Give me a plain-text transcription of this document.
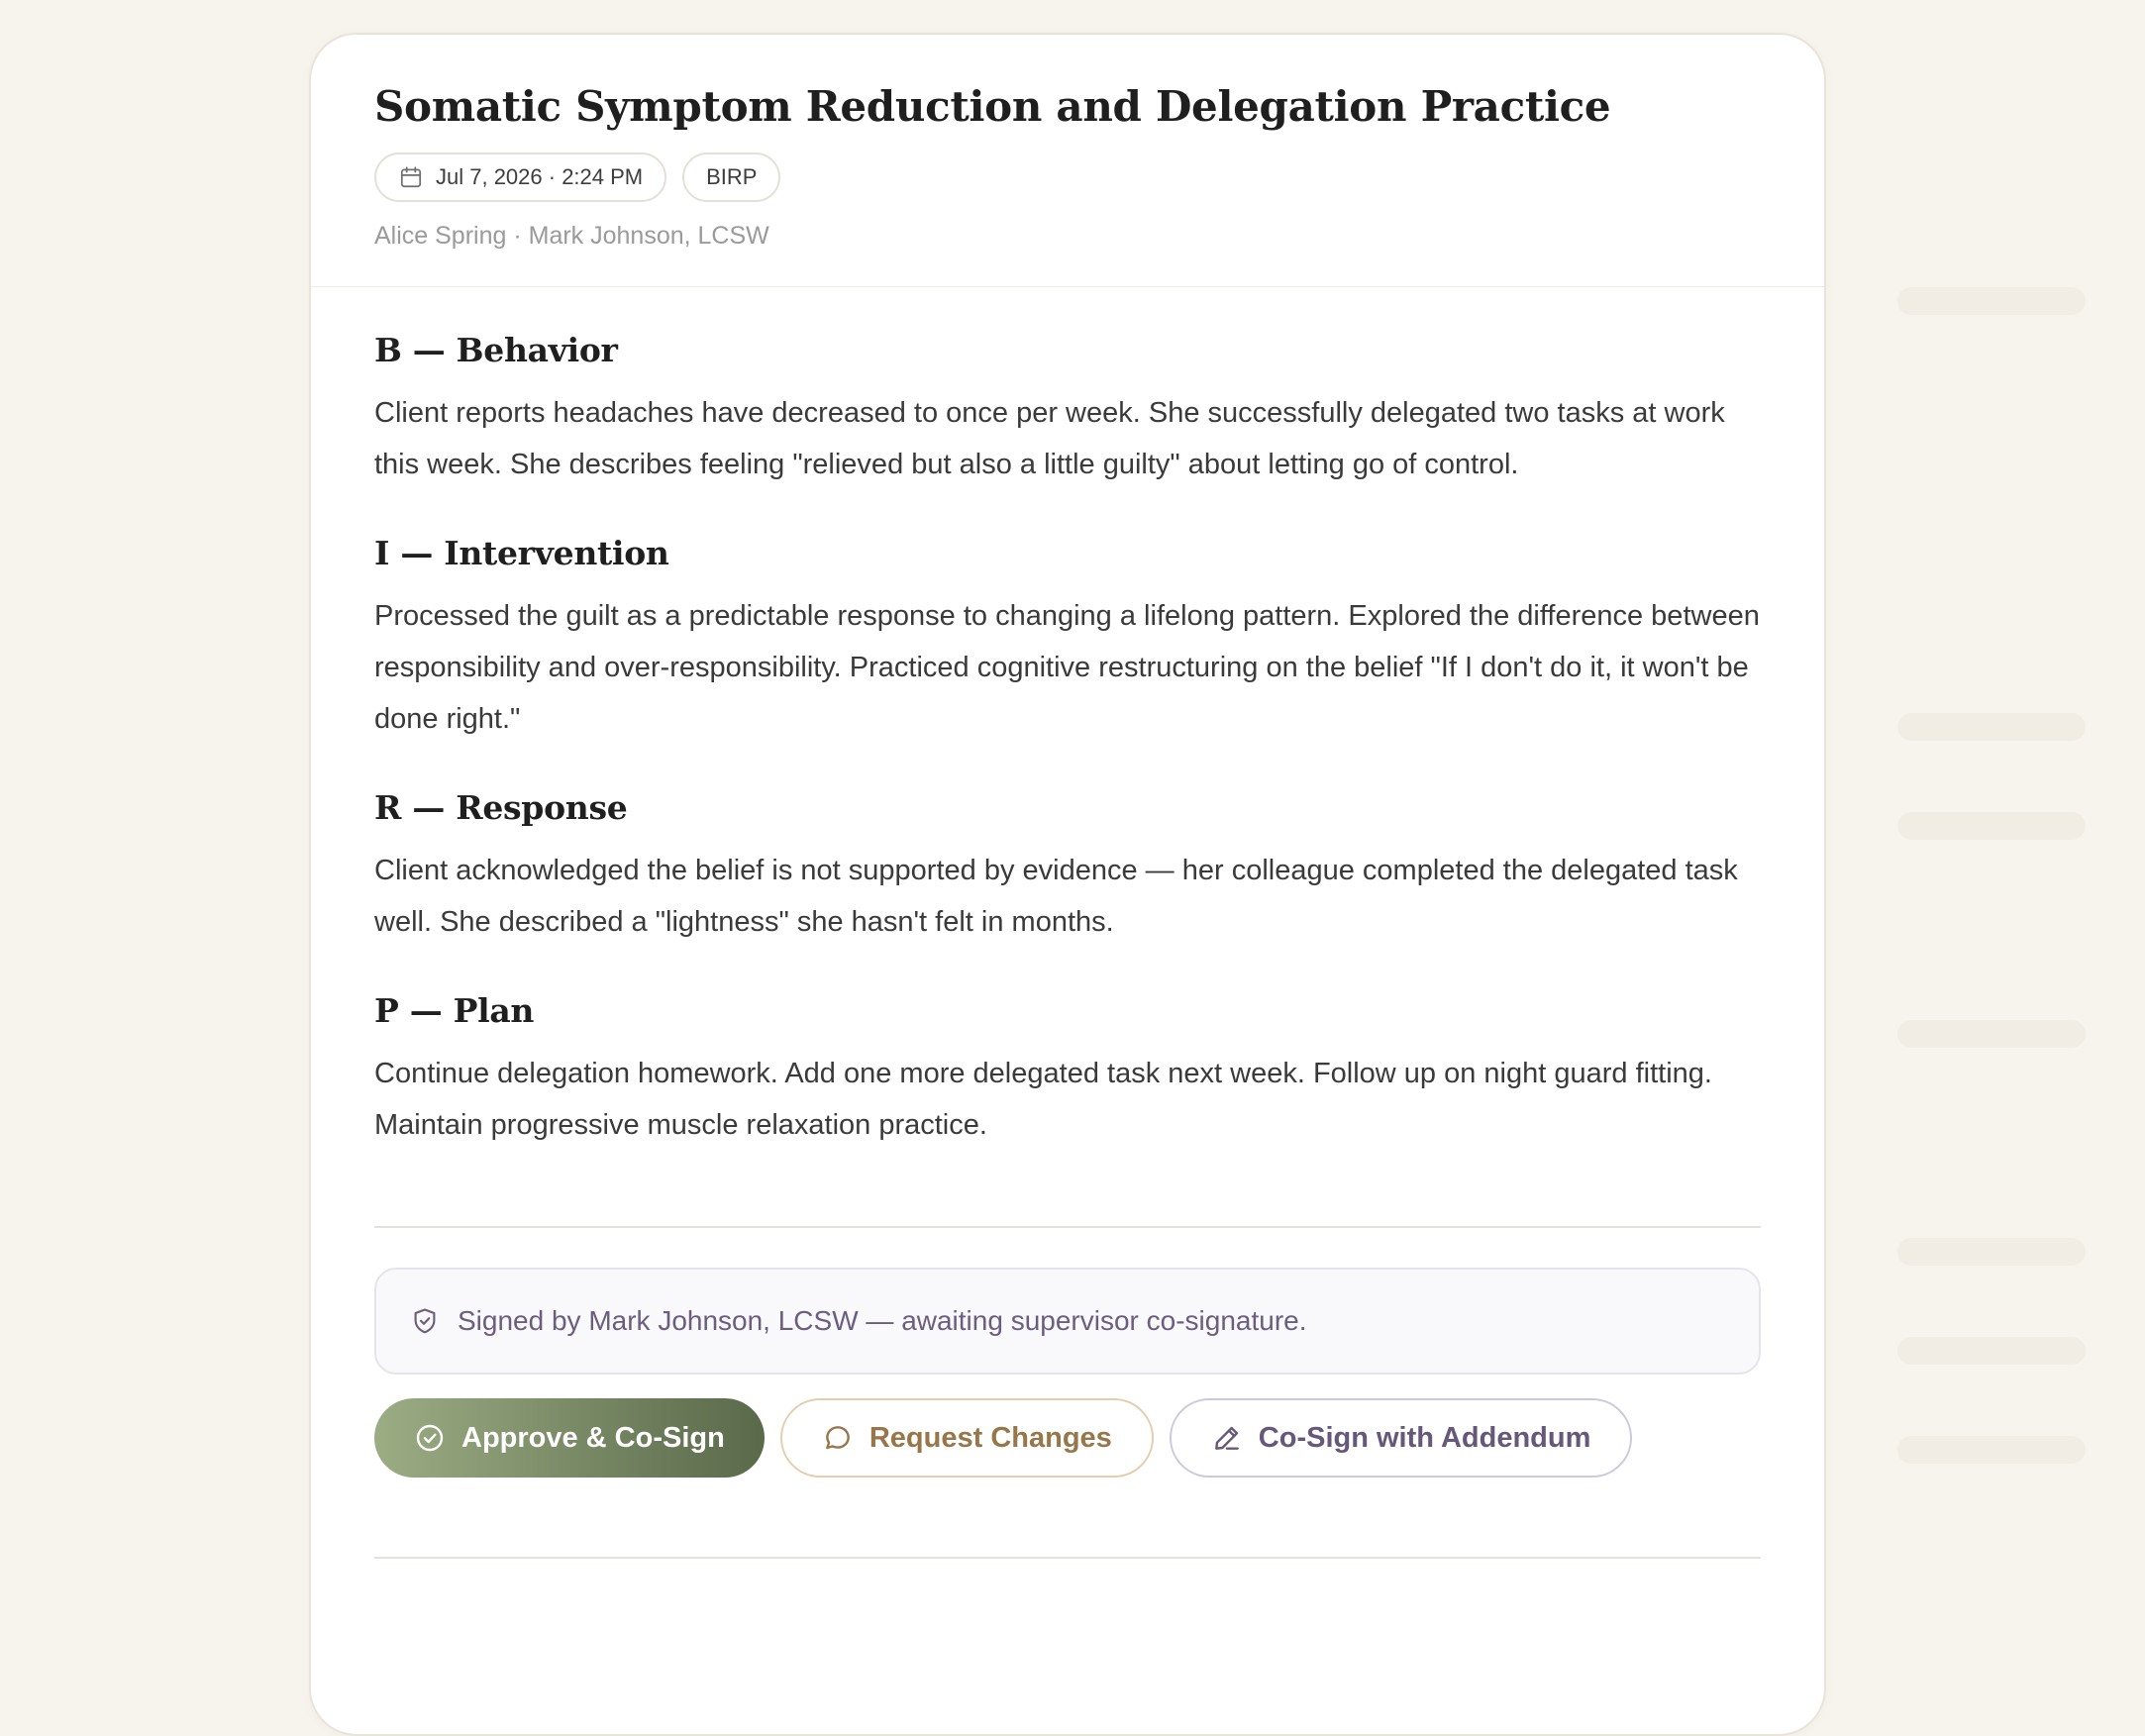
Somatic Symptom Reduction and Delegation Practice
Jul 7, 2026 · 2:24 PM	BIRP
Alice Spring · Mark Johnson, LCSW
B — Behavior

Client reports headaches have decreased to once per week. She successfully delegated two tasks at work this week. She describes feeling "relieved but also a little guilty" about letting go of control.

I — Intervention

Processed the guilt as a predictable response to changing a lifelong pattern. Explored the difference between responsibility and over-responsibility. Practiced cognitive restructuring on the belief "If I don't do it, it won't be done right."

R — Response

Client acknowledged the belief is not supported by evidence — her colleague completed the delegated task well. She described a "lightness" she hasn't felt in months.

P — Plan

Continue delegation homework. Add one more delegated task next week. Follow up on night guard fitting. Maintain progressive muscle relaxation practice.

Signed by Mark Johnson, LCSW — awaiting supervisor co-signature.
Approve & Co-Sign	Request Changes	Co-Sign with Addendum
